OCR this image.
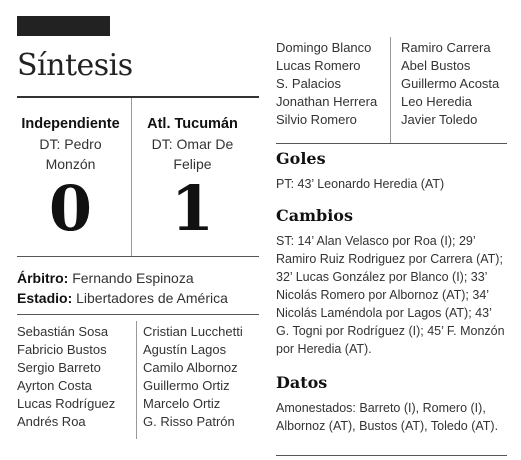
Síntesis
Independiente
DT: Pedro Monzón
0
Atl. Tucumán
DT: Omar De Felipe
1
Árbitro: Fernando Espinoza
Estadio: Libertadores de América
Sebastián Sosa
Fabricio Bustos
Sergio Barreto
Ayrton Costa
Lucas Rodríguez
Andrés Roa
Cristian Lucchetti
Agustín Lagos
Camilo Albornoz
Guillermo Ortiz
Marcelo Ortiz
G. Risso Patrón
Domingo Blanco
Lucas Romero
S. Palacios
Jonathan Herrera
Silvio Romero
Ramiro Carrera
Abel Bustos
Guillermo Acosta
Leo Heredia
Javier Toledo
Goles

PT: 43’ Leonardo Heredia (AT)

Cambios

ST: 14’ Alan Velasco por Roa (I); 29’ Ramiro Ruiz Rodriguez por Carrera (AT); 32’ Lucas González por Blanco (I); 33’ Nicolás Romero por Albornoz (AT); 34’ Nicolás Laméndola por Lagos (AT); 43’ G. Togni por Rodríguez (I); 45’ F. Monzón por Heredia (AT).

Datos

Amonestados: Barreto (I), Romero (I), Albornoz (AT), Bustos (AT), Toledo (AT).
